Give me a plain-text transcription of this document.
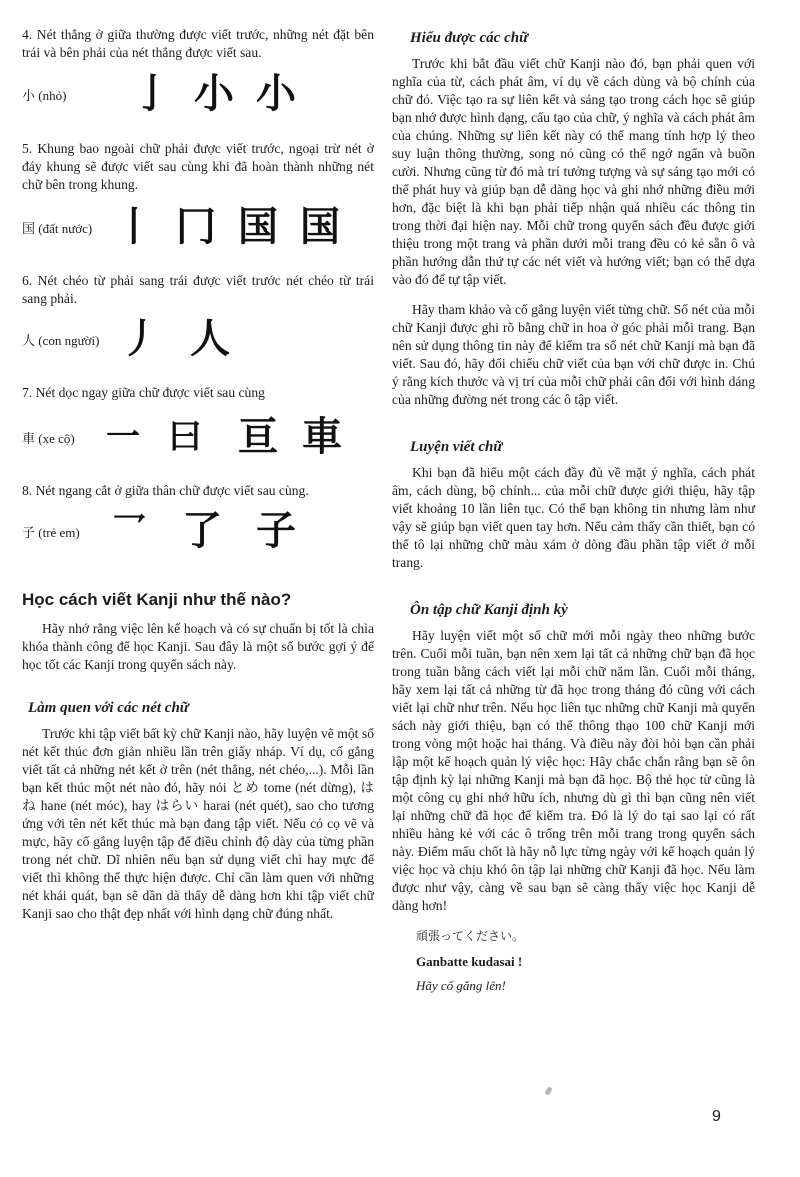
4. Nét thẳng ở giữa thường được viết trước, những nét đặt bên trái và bên phải của nét thẳng được viết sau.

小 (nhỏ)	亅 小 小

5. Khung bao ngoài chữ phải được viết trước, ngoại trừ nét ở đáy khung sẽ được viết sau cùng khi đã hoàn thành những nét chữ bên trong khung.

国 (đất nước) 丨 冂 国 国

6. Nét chéo từ phải sang trái được viết trước nét chéo từ trái sang phải.

人 (con người) 丿 人

7. Nét dọc ngay giữa chữ được viết sau cùng

車 (xe cộ) 一 曰 亘 車

8. Nét ngang cắt ở giữa thân chữ được viết sau cùng.

子 (trẻ em) 乛 了 子
Học cách viết Kanji như thế nào?

Hãy nhớ rằng việc lên kế hoạch và có sự chuẩn bị tốt là chìa khóa thành công để học Kanji. Sau đây là một số bước gợi ý để học tốt các Kanji trong quyển sách này.

Làm quen với các nét chữ

Trước khi tập viết bất kỳ chữ Kanji nào, hãy luyện vẽ một số nét kết thúc đơn giản nhiều lần trên giấy nháp. Ví dụ, cố gắng viết tất cả những nét kết ở trên (nét thẳng, nét chéo,...). Mỗi lần bạn kết thúc một nét nào đó, hãy nói とめ tome (nét dừng), はね hane (nét móc), hay はらい harai (nét quét), sao cho tương ứng với tên nét kết thúc mà bạn đang tập viết. Nếu có cọ vẽ và mực, hãy cố gắng luyện tập để điều chỉnh độ dày của từng phần trong nét chữ. Dĩ nhiên nếu bạn sử dụng viết chì hay mực để viết thì không thể thực hiện được. Chỉ cần làm quen với những nét khái quát, bạn sẽ dần dà thấy dễ dàng hơn khi tập viết chữ Kanji sao cho thật đẹp nhất với hình dạng chữ đúng nhất.

Hiểu được các chữ

Trước khi bắt đầu viết chữ Kanji nào đó, bạn phải quen với nghĩa của từ, cách phát âm, ví dụ về cách dùng và bộ chính của chữ đó. Việc tạo ra sự liên kết và sáng tạo trong cách học sẽ giúp bạn nhớ được hình dạng, cấu tạo của chữ, ý nghĩa và cách phát âm của chúng. Những sự liên kết này có thể mang tính hợp lý theo suy luận thông thường, song nó cũng có thể ngớ ngẩn và buồn cười. Nhưng cũng từ đó mà trí tưởng tượng và sự sáng tạo mới có thể phát huy và giúp bạn dễ dàng học và ghi nhớ những điều mới hơn, đặc biệt là khi bạn phải tiếp nhận quá nhiều các thông tin trong thời đại hiện nay. Mỗi chữ trong quyển sách đều được giới thiệu trong một trang và phần dưới mỗi trang đều có kẻ sẵn ô và phần hướng dẫn thứ tự các nét viết và hướng viết; bạn có thể dựa vào đó để tự tập viết.

Hãy tham khảo và cố gắng luyện viết từng chữ. Số nét của mỗi chữ Kanji được ghi rõ bằng chữ in hoa ở góc phải mỗi trang. Bạn nên sử dụng thông tin này để kiểm tra số nét chữ Kanji mà bạn đã viết. Sau đó, hãy đối chiếu chữ viết của bạn với chữ được in. Chú ý rằng kích thước và vị trí của mỗi chữ phải cân đối với hình dáng của những đường nét trong các ô tập viết.

Luyện viết chữ

Khi bạn đã hiểu một cách đầy đủ về mặt ý nghĩa, cách phát âm, cách dùng, bộ chính... của mỗi chữ được giới thiệu, hãy tập viết khoảng 10 lần liên tục. Có thể bạn không tin nhưng làm như vậy sẽ giúp bạn viết quen tay hơn. Nếu cảm thấy cần thiết, bạn có thể tô lại những chữ màu xám ở dòng đầu phần tập viết ở mỗi trang.

Ôn tập chữ Kanji định kỳ

Hãy luyện viết một số chữ mới mỗi ngày theo những bước trên. Cuối mỗi tuần, bạn nên xem lại tất cả những chữ bạn đã học trong tuần bằng cách viết lại mỗi chữ năm lần. Cuối mỗi tháng, hãy xem lại tất cả những từ đã học trong tháng đó cũng với cách viết lại chữ như trên. Nếu học liên tục những chữ Kanji mà quyển sách này giới thiệu, bạn có thể thông thạo 100 chữ Kanji mới trong vòng một hoặc hai tháng. Và điều này đòi hỏi bạn cần phải lập một kế hoạch quản lý việc học: Hãy chắc chắn rằng bạn sẽ ôn tập định kỳ lại những Kanji mà bạn đã học. Bộ thẻ học từ cũng là một công cụ ghi nhớ hữu ích, nhưng dù gì thì bạn cũng nên viết lại những chữ đã học để kiểm tra. Đó là lý do tại sao lại có rất nhiều hàng kẻ với các ô trống trên mỗi trang trong quyển sách này. Điểm mấu chốt là hãy nỗ lực từng ngày với kế hoạch quản lý việc học và chịu khó ôn tập lại những chữ Kanji đã học. Nếu làm được như vậy, càng về sau bạn sẽ càng thấy việc học Kanji dễ dàng hơn!

頑張ってください。

Ganbatte kudasai !

Hãy cố gắng lên!

9
